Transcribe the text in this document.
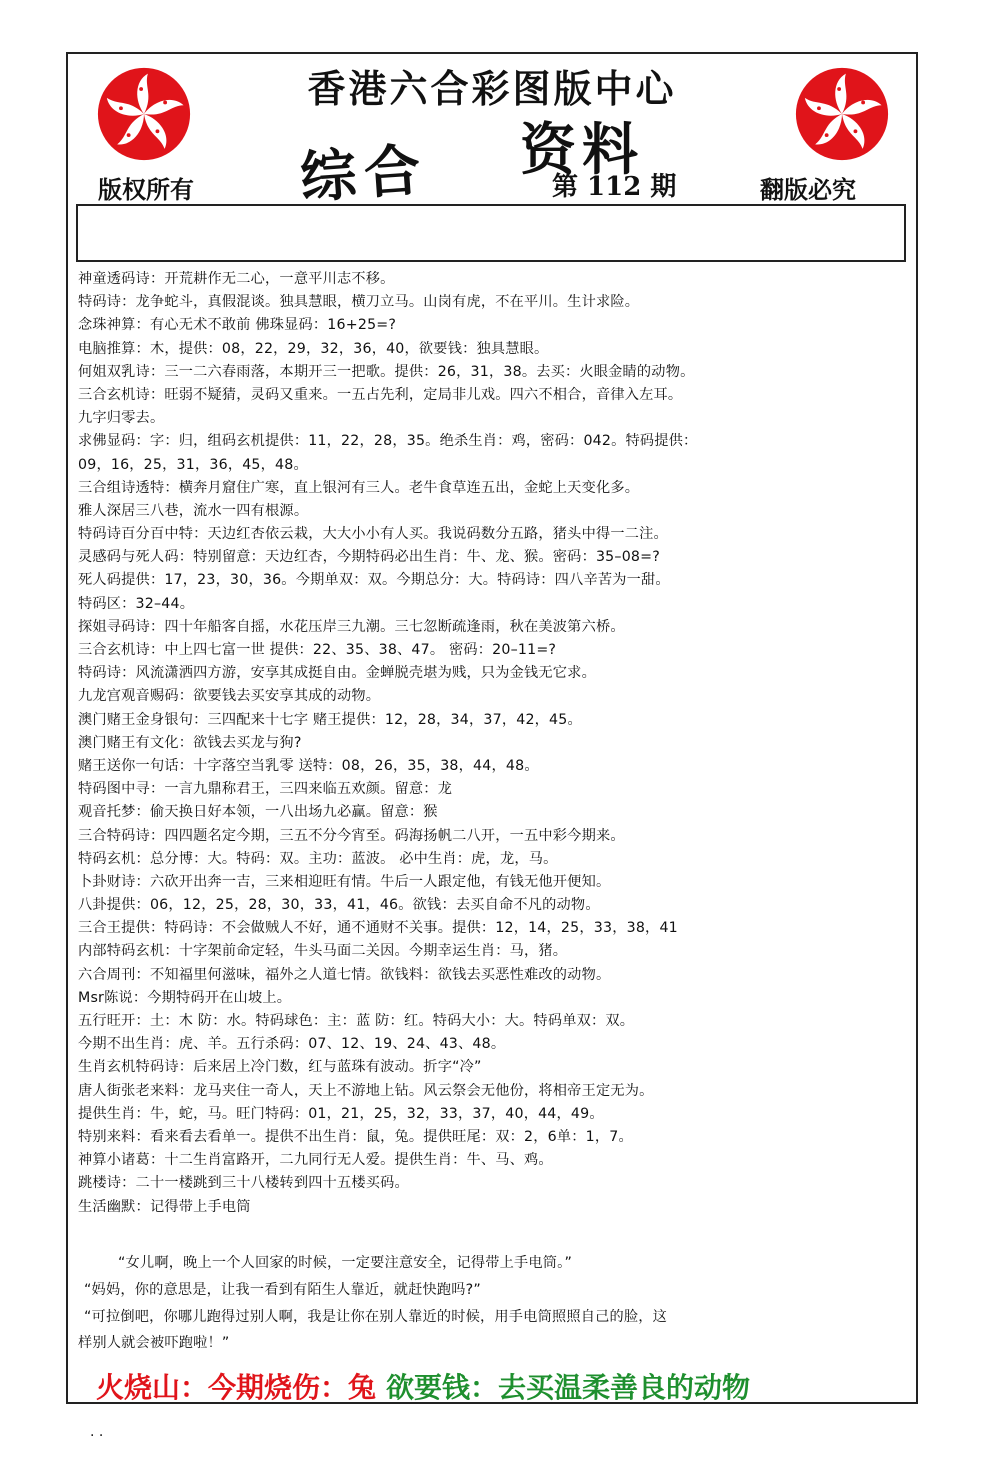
香港六合彩图版中心
综合 资料
版权所有	第 112 期	翻版必究
神童透码诗：开荒耕作无二心，一意平川志不移。
特码诗：龙争蛇斗，真假混谈。独具慧眼，横刀立马。山岗有虎，不在平川。生计求险。
念珠神算：有心无术不敢前 佛珠显码：16+25=?
电脑推算：木，提供：08，22，29，32，36，40，欲要钱：独具慧眼。
何姐双乳诗：三一二六春雨落，本期开三一把歌。提供：26，31，38。去买：火眼金睛的动物。
三合玄机诗：旺弱不疑猜，灵码又重来。一五占先利，定局非儿戏。四六不相合，音律入左耳。
九字归零去。
求佛显码：字：归，组码玄机提供：11，22，28，35。绝杀生肖：鸡，密码：042。特码提供：
09，16，25，31，36，45，48。
三合组诗透特：横奔月窟住广寒，直上银河有三人。老牛食草连五出，金蛇上天变化多。
雅人深居三八巷，流水一四有根源。
特码诗百分百中特：天边红杏依云栽，大大小小有人买。我说码数分五路，猪头中得一二注。
灵感码与死人码：特别留意：天边红杏，今期特码必出生肖：牛、龙、猴。密码：35–08=?
死人码提供：17，23，30，36。今期单双：双。今期总分：大。特码诗：四八辛苦为一甜。
特码区：32–44。
探姐寻码诗：四十年船客自摇，水花压岸三九潮。三七忽断疏逢雨，秋在美波第六桥。
三合玄机诗：中上四七富一世 提供：22、35、38、47。 密码：20–11=?
特码诗：风流潇洒四方游，安享其成挺自由。金蝉脱壳堪为贱，只为金钱无它求。
九龙宫观音赐码：欲要钱去买安享其成的动物。
澳门赌王金身银句：三四配来十七字 赌王提供：12，28，34，37，42，45。
澳门赌王有文化：欲钱去买龙与狗?
赌王送你一句话：十字落空当乳零 送特：08，26，35，38，44，48。
特码图中寻：一言九鼎称君王，三四来临五欢颜。留意：龙
观音托梦：偷天换日好本领，一八出场九必赢。留意：猴
三合特码诗：四四题名定今期，三五不分今宵至。码海扬帆二八开，一五中彩今期来。
特码玄机：总分博：大。特码：双。主功：蓝波。 必中生肖：虎，龙，马。
卜卦财诗：六砍开出奔一吉，三来相迎旺有情。牛后一人跟定他，有钱无他开便知。
八卦提供：06，12，25，28，30，33，41，46。欲钱：去买自命不凡的动物。
三合王提供：特码诗：不会做贼人不好，通不通财不关事。提供：12，14，25，33，38，41
内部特码玄机：十字架前命定轻，牛头马面二关因。今期幸运生肖：马，猪。
六合周刊：不知福里何滋味，福外之人道七情。欲钱料：欲钱去买恶性难改的动物。
Msr陈说：今期特码开在山坡上。
五行旺开：土：木 防：水。特码球色：主：蓝 防：红。特码大小：大。特码单双：双。
今期不出生肖：虎、羊。五行杀码：07、12、19、24、43、48。
生肖玄机特码诗：后来居上冷门数，红与蓝珠有波动。折字“冷”
唐人街张老来料：龙马夹住一奇人，天上不游地上钻。风云祭会无他份，将相帝王定无为。
提供生肖：牛，蛇，马。旺门特码：01，21，25，32，33，37，40，44，49。
特别来料：看来看去看单一。提供不出生肖：鼠，兔。提供旺尾：双：2，6单：1，7。
神算小诸葛：十二生肖富路开，二九同行无人爱。提供生肖：牛、马、鸡。
跳楼诗：二十一楼跳到三十八楼转到四十五楼买码。
生活幽默：记得带上手电筒
“女儿啊，晚上一个人回家的时候，一定要注意安全，记得带上手电筒。”
“妈妈，你的意思是，让我一看到有陌生人靠近，就赶快跑吗?”
“可拉倒吧，你哪儿跑得过别人啊，我是让你在别人靠近的时候，用手电筒照照自己的脸，这
样别人就会被吓跑啦！”
火烧山：今期烧伤：兔 欲要钱：去买温柔善良的动物
. .
